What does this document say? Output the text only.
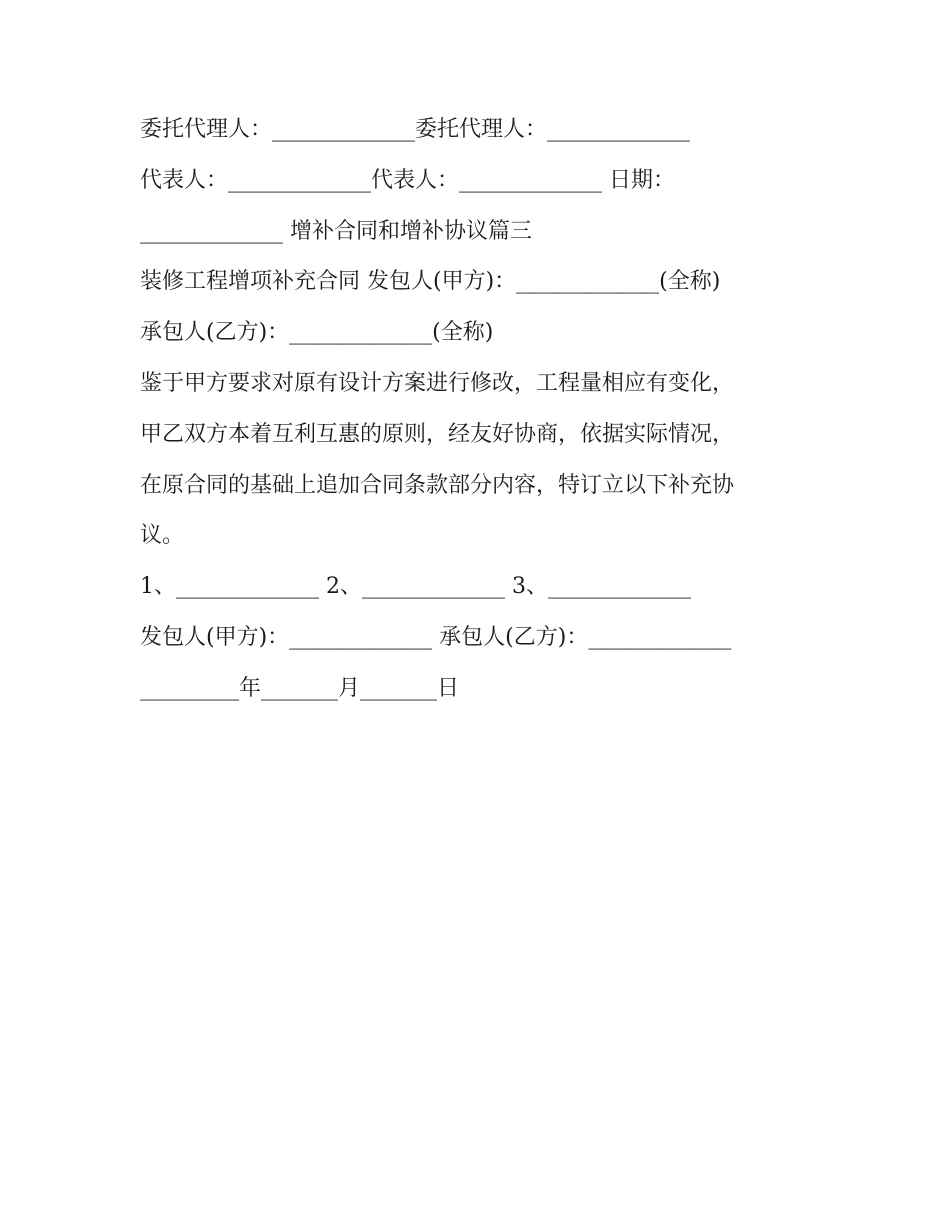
委托代理人：_____________委托代理人：_____________
代表人：_____________代表人：_____________ 日期：
_____________ 增补合同和增补协议篇三
装修工程增项补充合同 发包人(甲方)：_____________(全称)
承包人(乙方)：_____________(全称)
鉴于甲方要求对原有设计方案进行修改，工程量相应有变化，
甲乙双方本着互利互惠的原则，经友好协商，依据实际情况，
在原合同的基础上追加合同条款部分内容，特订立以下补充协
议。
1、_____________ 2、_____________ 3、_____________
发包人(甲方)：_____________ 承包人(乙方)：_____________
_________年_______月_______日
